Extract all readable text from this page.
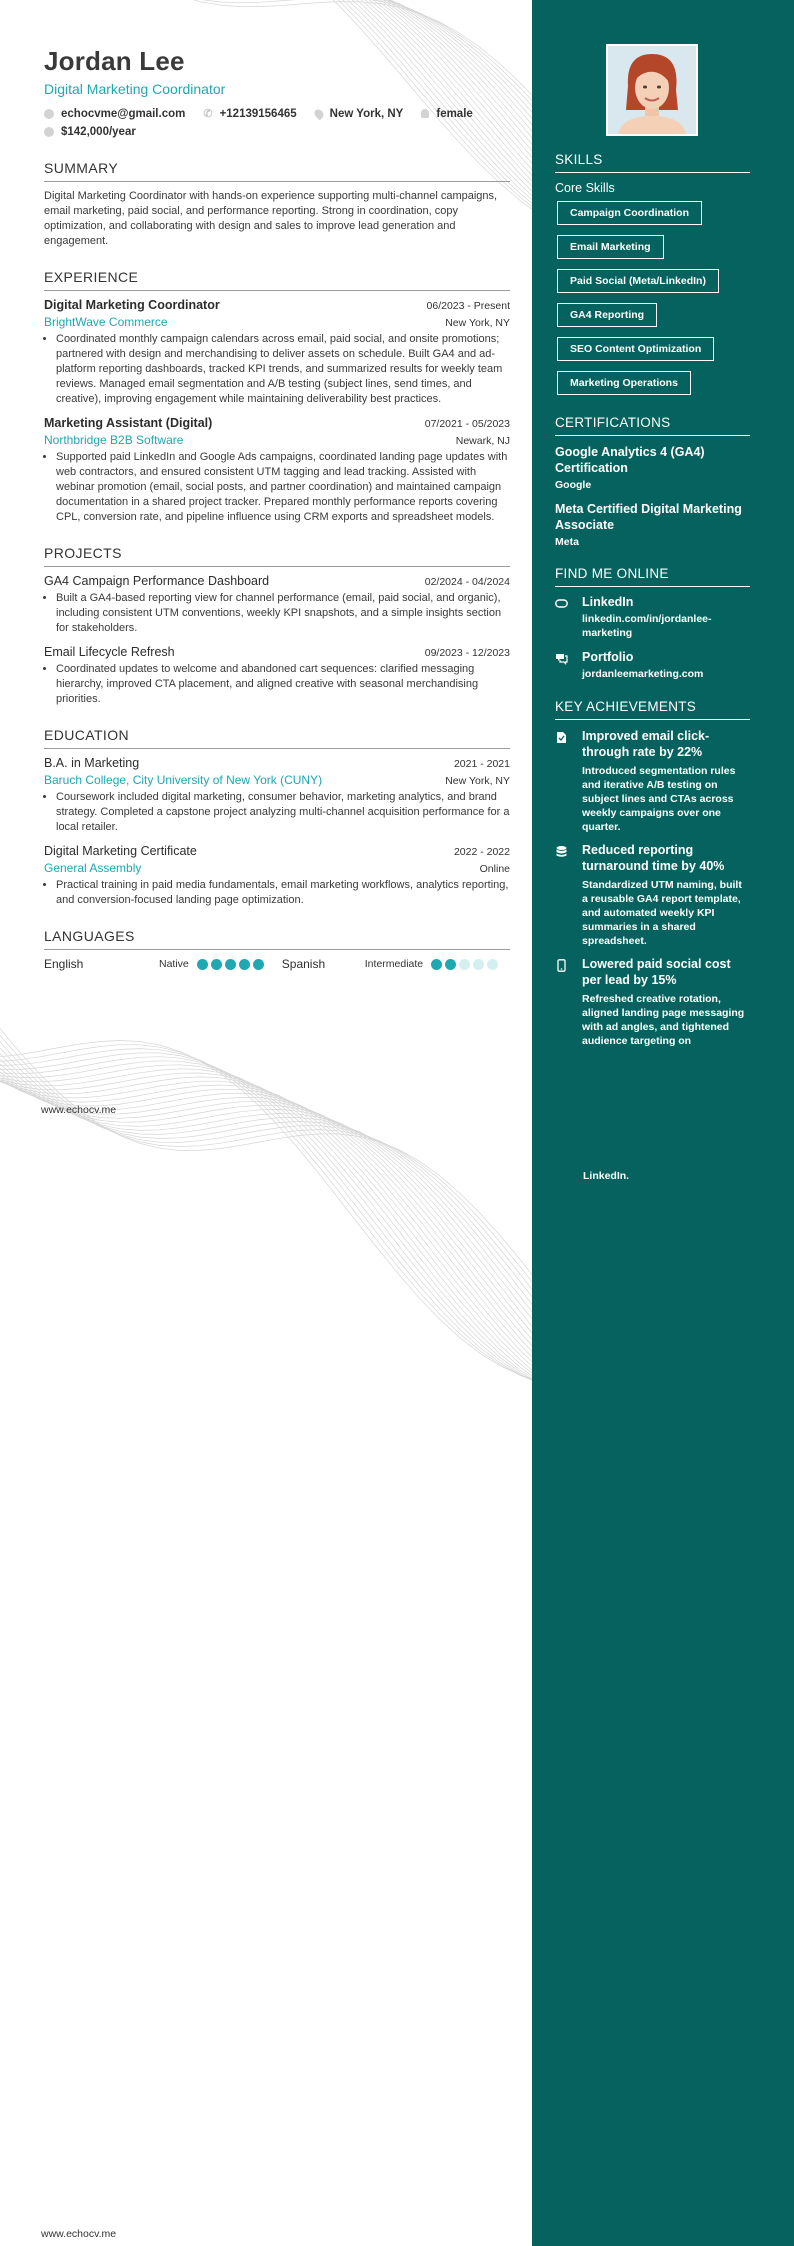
Jordan Lee
Digital Marketing Coordinator
echocvme@gmail.com ✆ +12139156465	New York, NY	female
$142,000/year
SUMMARY
Digital Marketing Coordinator with hands-on experience supporting multi-channel campaigns, email marketing, paid social, and performance reporting. Strong in coordination, copy optimization, and collaborating with design and sales to improve lead generation and engagement.
EXPERIENCE
Digital Marketing Coordinator	06/2023 - Present
BrightWave Commerce	New York, NY
• Coordinated monthly campaign calendars across email, paid social, and onsite promotions; partnered with design and merchandising to deliver assets on schedule. Built GA4 and ad-platform reporting dashboards, tracked KPI trends, and summarized results for weekly team reviews. Managed email segmentation and A/B testing (subject lines, send times, and creative), improving engagement while maintaining deliverability best practices.
Marketing Assistant (Digital)	07/2021 - 05/2023
Northbridge B2B Software	Newark, NJ
• Supported paid LinkedIn and Google Ads campaigns, coordinated landing page updates with web contractors, and ensured consistent UTM tagging and lead tracking. Assisted with webinar promotion (email, social posts, and partner coordination) and maintained campaign documentation in a shared project tracker. Prepared monthly performance reports covering CPL, conversion rate, and pipeline influence using CRM exports and spreadsheet models.
PROJECTS
GA4 Campaign Performance Dashboard	02/2024 - 04/2024
• Built a GA4-based reporting view for channel performance (email, paid social, and organic), including consistent UTM conventions, weekly KPI snapshots, and a simple insights section for stakeholders.
Email Lifecycle Refresh	09/2023 - 12/2023
• Coordinated updates to welcome and abandoned cart sequences: clarified messaging hierarchy, improved CTA placement, and aligned creative with seasonal merchandising priorities.
EDUCATION
B.A. in Marketing	2021 - 2021
Baruch College, City University of New York (CUNY)	New York, NY
• Coursework included digital marketing, consumer behavior, marketing analytics, and brand strategy. Completed a capstone project analyzing multi-channel acquisition performance for a local retailer.
Digital Marketing Certificate	2022 - 2022
General Assembly	Online
• Practical training in paid media fundamentals, email marketing workflows, analytics reporting, and conversion-focused landing page optimization.
LANGUAGES
English	Native	Spanish	Intermediate
www.echocv.me
www.echocv.me
SKILLS
Core Skills
Campaign Coordination
Email Marketing
Paid Social (Meta/LinkedIn)
GA4 Reporting
SEO Content Optimization
Marketing Operations
CERTIFICATIONS
Google Analytics 4 (GA4) Certification
Google
Meta Certified Digital Marketing Associate
Meta
FIND ME ONLINE
LinkedIn
linkedin.com/in/jordanlee-marketing
Portfolio
jordanleemarketing.com
KEY ACHIEVEMENTS
Improved email click-through rate by 22%
Introduced segmentation rules and iterative A/B testing on subject lines and CTAs across weekly campaigns over one quarter.
Reduced reporting turnaround time by 40%
Standardized UTM naming, built a reusable GA4 report template, and automated weekly KPI summaries in a shared spreadsheet.
Lowered paid social cost per lead by 15%
Refreshed creative rotation, aligned landing page messaging with ad angles, and tightened audience targeting on
LinkedIn.
